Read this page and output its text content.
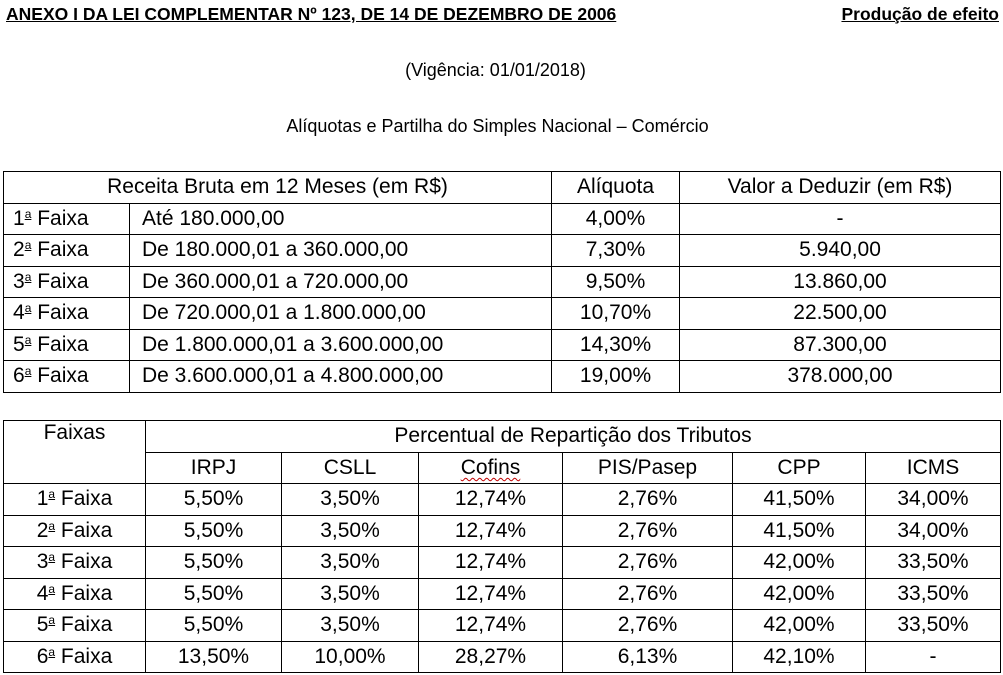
ANEXO I DA LEI COMPLEMENTAR Nº 123, DE 14 DE DEZEMBRO DE 2006	Produção de efeito
(Vigência: 01/01/2018)
Alíquotas e Partilha do Simples Nacional – Comércio
Receita Bruta em 12 Meses (em R$)		Alíquota	Valor a Deduzir (em R$)
1$^a$ Faixa	Até 180.000,00	4,00%	-
2$^a$ Faixa	De 180.000,01 a 360.000,00	7,30%	5.940,00
3$^a$ Faixa	De 360.000,01 a 720.000,00	9,50%	13.860,00
4$^a$ Faixa	De 720.000,01 a 1.800.000,00	10,70%	22.500,00
5$^a$ Faixa	De 1.800.000,01 a 3.600.000,00	14,30%	87.300,00
6$^a$ Faixa	De 3.600.000,01 a 4.800.000,00	19,00%	378.000,00
Faixas	Percentual de Repartição dos Tributos					
	IRPJ	CSLL	Cofins	PIS/Pasep	CPP	ICMS
1$^a$ Faixa	5,50%	3,50%	12,74%	2,76%	41,50%	34,00%
2$^a$ Faixa	5,50%	3,50%	12,74%	2,76%	41,50%	34,00%
3$^a$ Faixa	5,50%	3,50%	12,74%	2,76%	42,00%	33,50%
4$^a$ Faixa	5,50%	3,50%	12,74%	2,76%	42,00%	33,50%
5$^a$ Faixa	5,50%	3,50%	12,74%	2,76%	42,00%	33,50%
6$^a$ Faixa	13,50%	10,00%	28,27%	6,13%	42,10%	-
